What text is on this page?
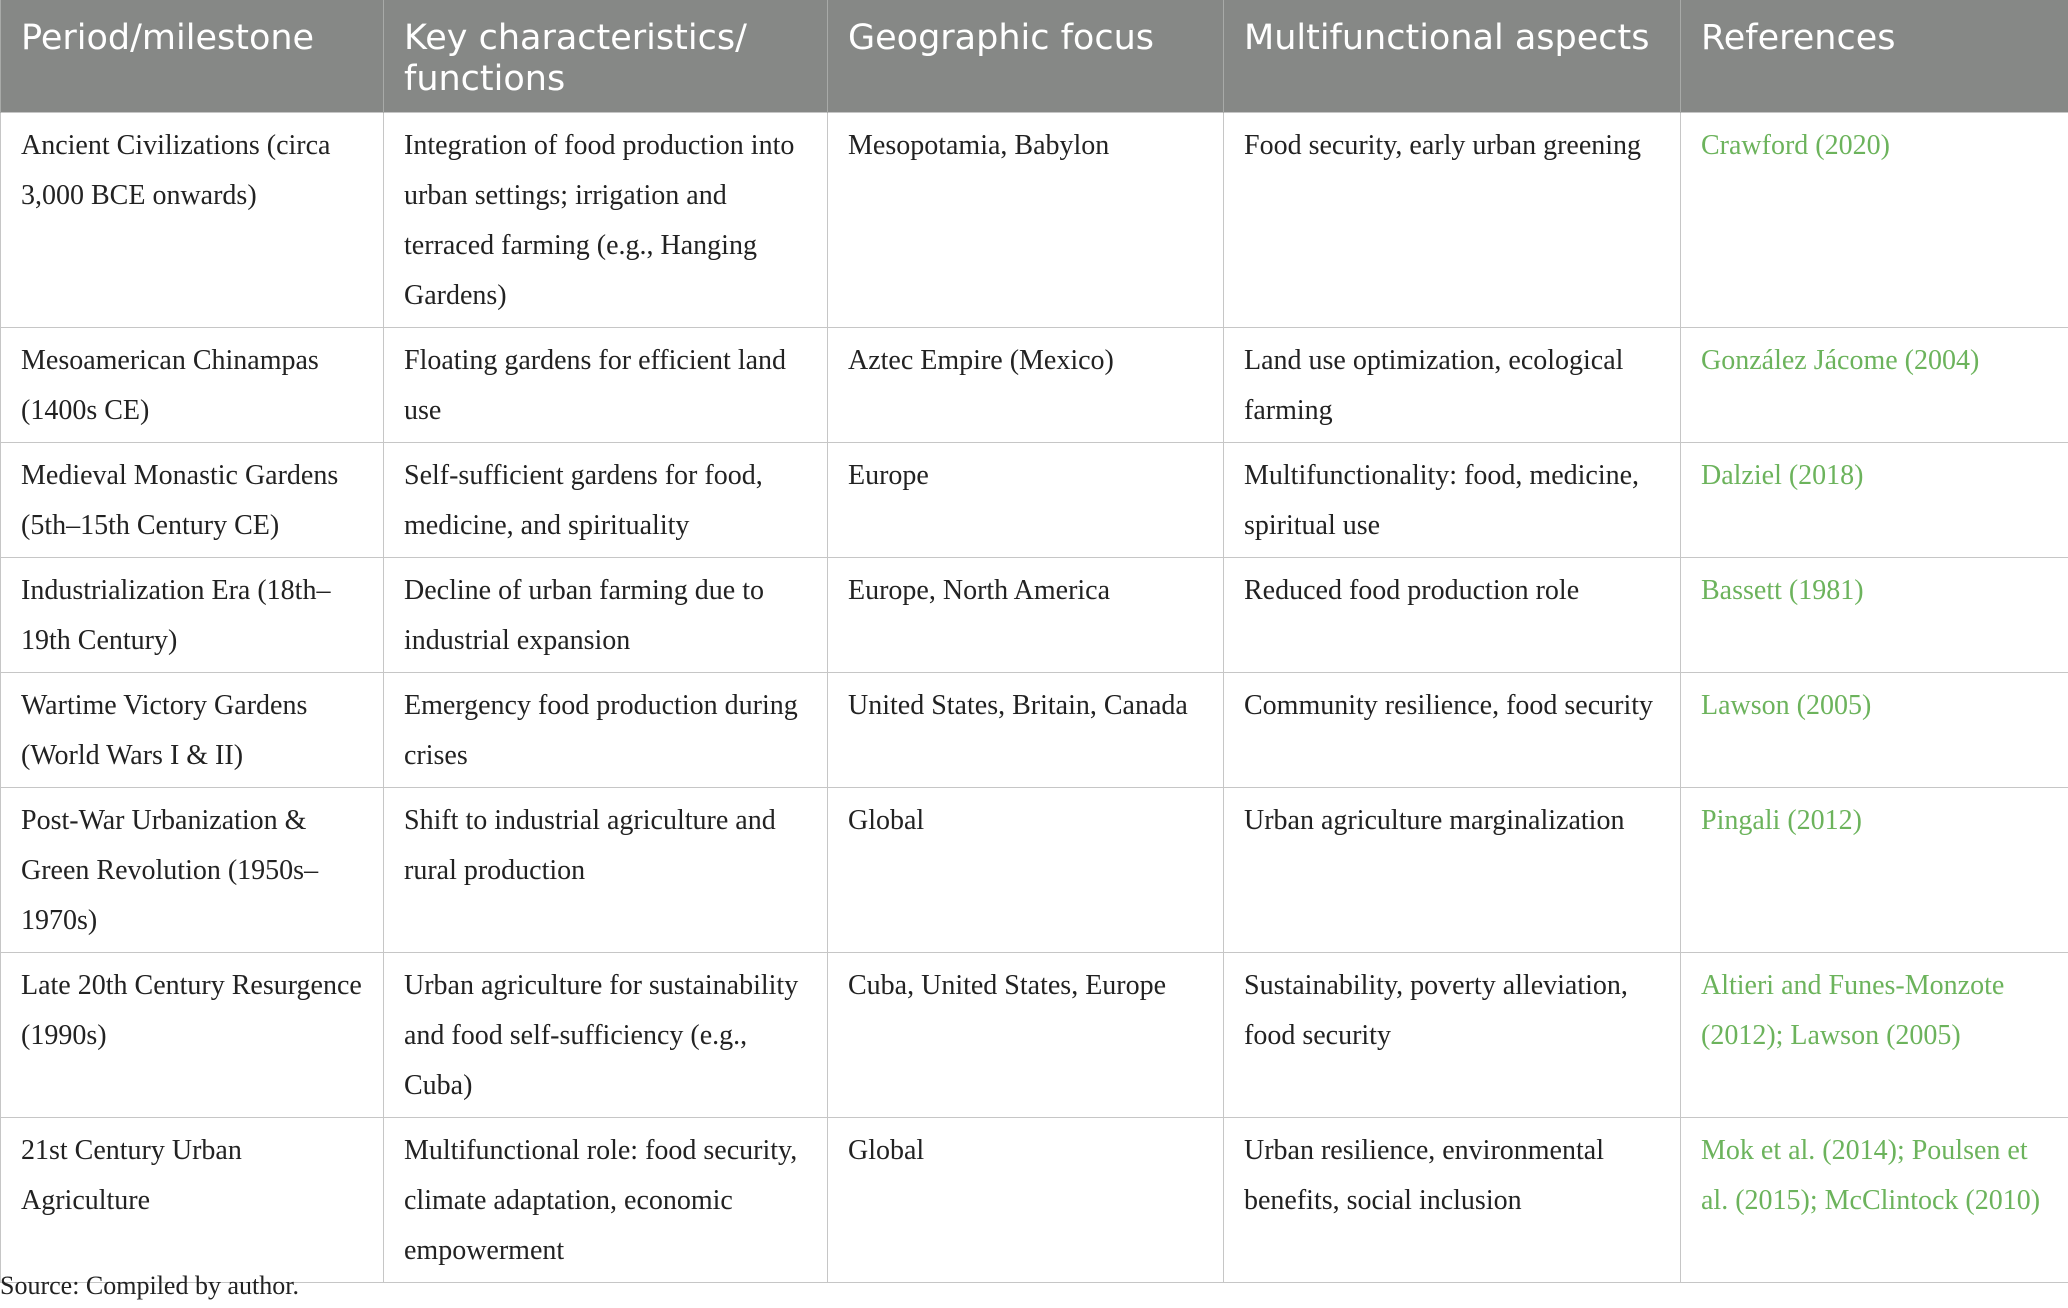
Period/milestone	Key characteristics/ functions	Geographic focus	Multifunctional aspects	References
Ancient Civilizations (circa 3,000 BCE onwards)	Integration of food production into urban settings; irrigation and terraced farming (e.g., Hanging Gardens)	Mesopotamia, Babylon	Food security, early urban greening	Crawford (2020)
Mesoamerican Chinampas (1400s CE)	Floating gardens for efficient land use	Aztec Empire (Mexico)	Land use optimization, ecological farming	González Jácome (2004)
Medieval Monastic Gardens (5th–15th Century CE)	Self-sufficient gardens for food, medicine, and spirituality	Europe	Multifunctionality: food, medicine, spiritual use	Dalziel (2018)
Industrialization Era (18th–19th Century)	Decline of urban farming due to industrial expansion	Europe, North America	Reduced food production role	Bassett (1981)
Wartime Victory Gardens (World Wars I & II)	Emergency food production during crises	United States, Britain, Canada	Community resilience, food security	Lawson (2005)
Post-War Urbanization & Green Revolution (1950s–1970s)	Shift to industrial agriculture and rural production	Global	Urban agriculture marginalization	Pingali (2012)
Late 20th Century Resurgence (1990s)	Urban agriculture for sustainability and food self-sufficiency (e.g., Cuba)	Cuba, United States, Europe	Sustainability, poverty alleviation, food security	Altieri and Funes-Monzote (2012); Lawson (2005)
21st Century Urban Agriculture	Multifunctional role: food security, climate adaptation, economic empowerment	Global	Urban resilience, environmental benefits, social inclusion	Mok et al. (2014); Poulsen et al. (2015); McClintock (2010)
Source: Compiled by author.
